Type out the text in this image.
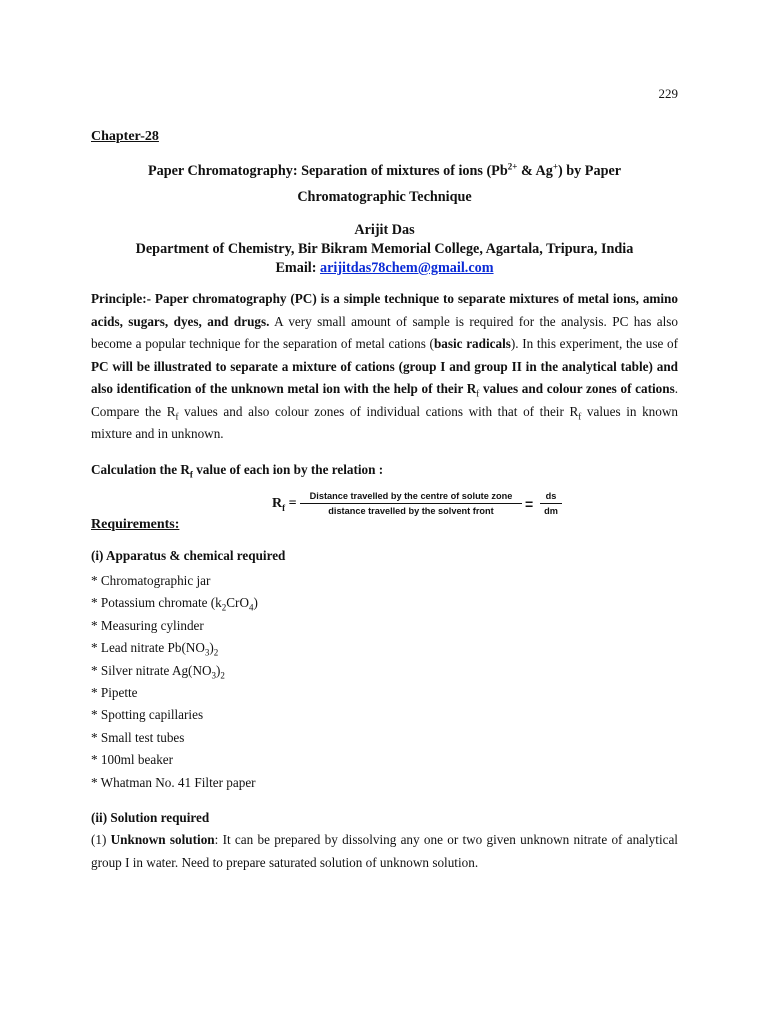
229
Chapter-28
Paper Chromatography: Separation of mixtures of ions ($Pb^{2+}$ & Ag+) by Paper
Chromatographic Technique
Arijit Das
Department of Chemistry, Bir Bikram Memorial College, Agartala, Tripura, India
Email: arijitdas78chem@gmail.com
Principle:- Paper chromatography (PC) is a simple technique to separate mixtures of metal ions, amino acids, sugars, dyes, and drugs. A very small amount of sample is required for the analysis. PC has also become a popular technique for the separation of metal cations (basic radicals). In this experiment, the use of PC will be illustrated to separate a mixture of cations (group I and group II in the analytical table) and also identification of the unknown metal ion with the help of their $R_f$ values and colour zones of cations. Compare the $R_f$ values and also colour zones of individual cations with that of their $R_f$ values in known mixture and in unknown.
Calculation the $R_f$ value of each ion by the relation :
$R_f$ =	Distance travelled by the centre of solute zone
distance travelled by the solvent front	= $\frac{ds}{dm}$
Requirements:
(i) Apparatus & chemical required
* Chromatographic jar
* Potassium chromate $(k_2CrO_4)$
* Measuring cylinder
* Lead nitrate $Pb(NO_3)_2$
* Silver nitrate $Ag(NO_3)_2$
* Pipette
* Spotting capillaries
* Small test tubes
* 100ml beaker
* Whatman No. 41 Filter paper
(ii) Solution required
(1) Unknown solution: It can be prepared by dissolving any one or two given unknown nitrate of analytical group I in water. Need to prepare saturated solution of unknown solution.
